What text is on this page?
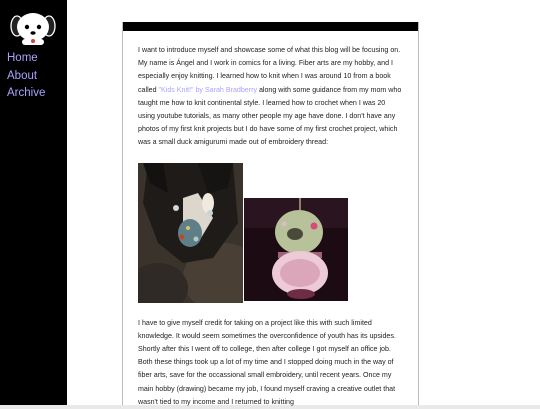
Home
About
Archive

I want to introduce myself and showcase some of what this blog will be focusing on. My name is Ángel and I work in comics for a living. Fiber arts are my hobby, and I especially enjoy knitting. I learned how to knit when I was around 10 from a book called "Kids Knit!" by Sarah Bradberry along with some guidance from my mom who taught me how to knit continental style. I learned how to crochet when I was 20 using youtube tutorials, as many other people my age have done. I don't have any photos of my first knit projects but I do have some of my first crochet project, which was a small duck amigurumi made out of embroidery thread:

I have to give myself credit for taking on a project like this with such limited knowledge. It would seem sometimes the overconfidence of youth has its upsides. Shortly after this I went off to college, then after college I got myself an office job. Both these things took up a lot of my time and I stopped doing much in the way of fiber arts, save for the occassional small embroidery, until recent years. Once my main hobby (drawing) became my job, I found myself craving a creative outlet that wasn't tied to my income and I returned to knitting
